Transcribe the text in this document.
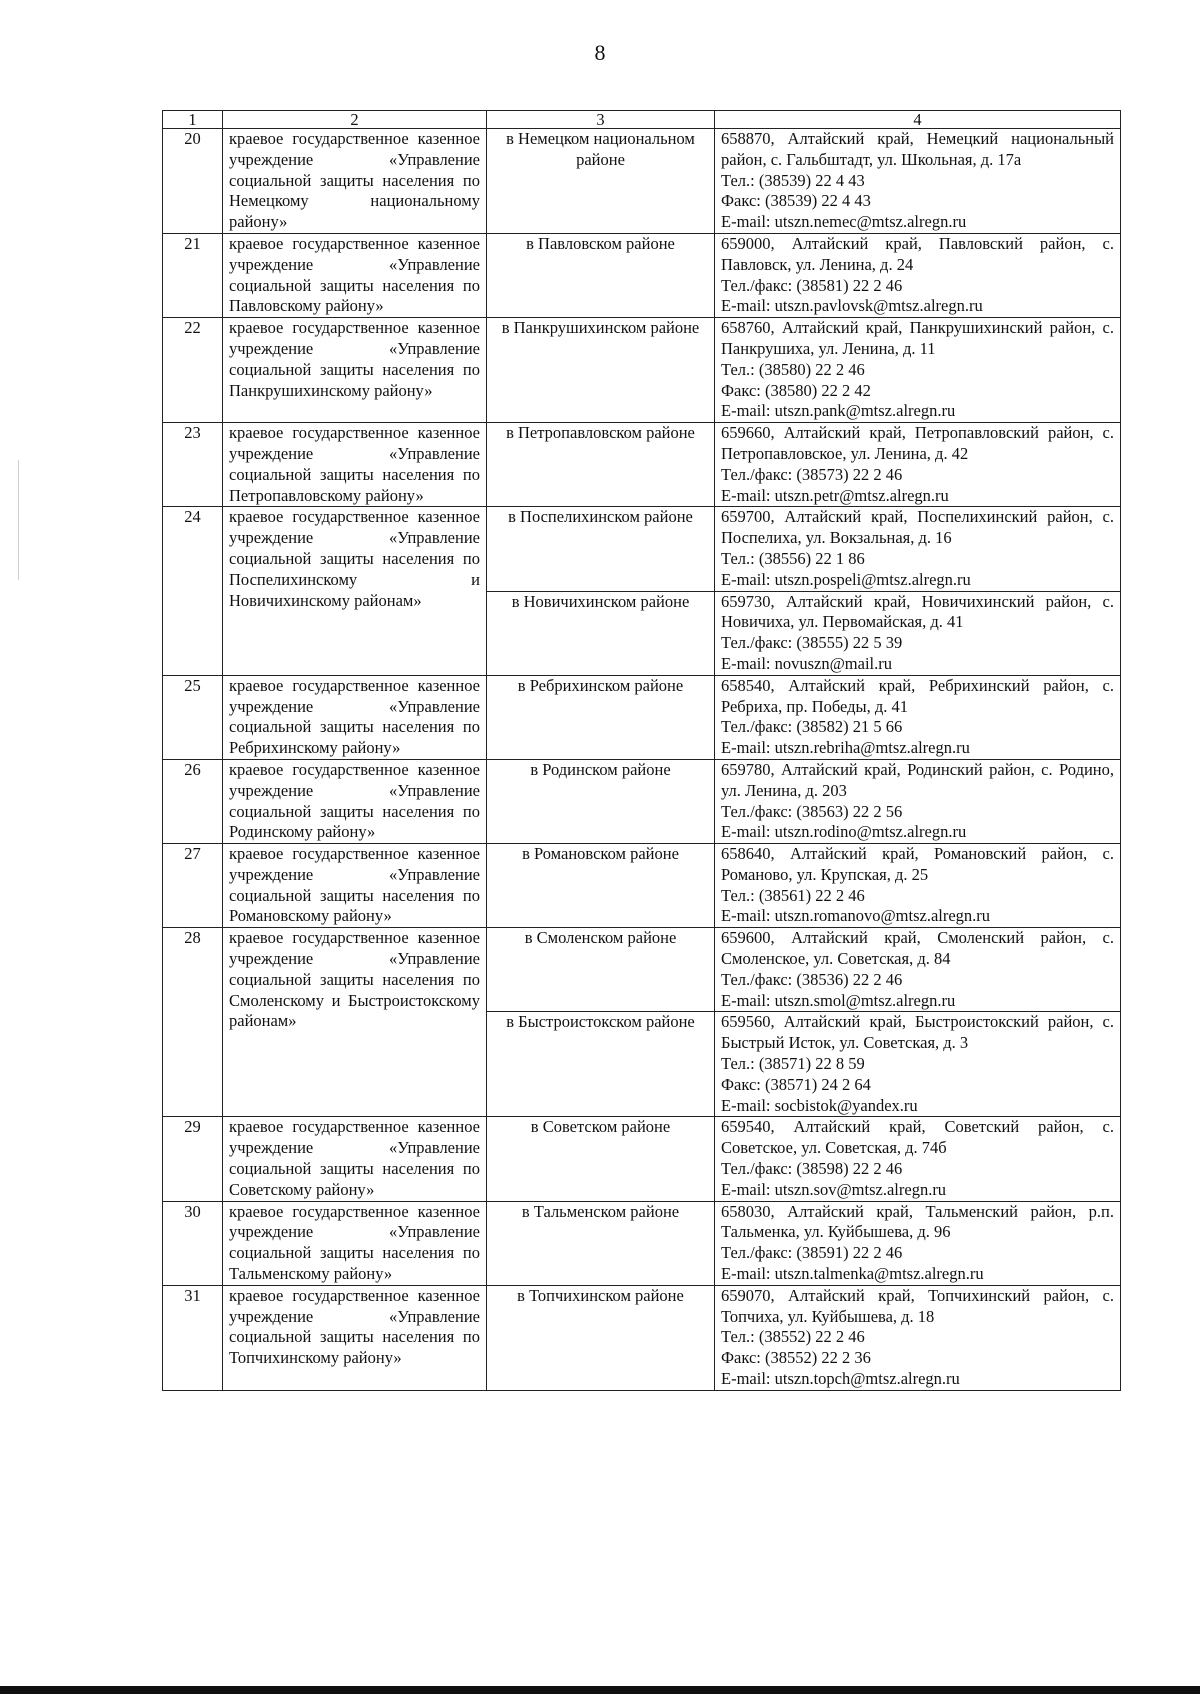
8
1	2	3	4
20	краевое государственное казенное учреждение «Управление социальной защиты населения по Немецкому национальному району»	в Немецком национальном районе	658870, Алтайский край, Немецкий национальный район, с. Гальбштадт, ул. Школьная, д. 17а
Тел.: (38539) 22 4 43
Факс: (38539) 22 4 43
E-mail: utszn.nemec@mtsz.alregn.ru

21	краевое государственное казенное учреждение «Управление социальной защиты населения по Павловскому району»	в Павловском районе	659000, Алтайский край, Павловский район, с. Павловск, ул. Ленина, д. 24
Тел./факс: (38581) 22 2 46
E-mail: utszn.pavlovsk@mtsz.alregn.ru

22	краевое государственное казенное учреждение «Управление социальной защиты населения по Панкрушихинскому району»	в Панкрушихинском районе	658760, Алтайский край, Панкрушихинский район, с. Панкрушиха, ул. Ленина, д. 11
Тел.: (38580) 22 2 46
Факс: (38580) 22 2 42
E-mail: utszn.pank@mtsz.alregn.ru

23	краевое государственное казенное учреждение «Управление социальной защиты населения по Петропавловскому району»	в Петропавловском районе	659660, Алтайский край, Петропавловский район, с. Петропавловское, ул. Ленина, д. 42
Тел./факс: (38573) 22 2 46
E-mail: utszn.petr@mtsz.alregn.ru

24	краевое государственное казенное учреждение «Управление социальной защиты населения по Поспелихинскому и Новичихинскому районам»	в Поспелихинском районе	659700, Алтайский край, Поспелихинский район, с. Поспелиха, ул. Вокзальная, д. 16
Тел.: (38556) 22 1 86
E-mail: utszn.pospeli@mtsz.alregn.ru

		в Новичихинском районе	659730, Алтайский край, Новичихинский район, с. Новичиха, ул. Первомайская, д. 41
Тел./факс: (38555) 22 5 39
E-mail: novuszn@mail.ru

25	краевое государственное казенное учреждение «Управление социальной защиты населения по Ребрихинскому району»	в Ребрихинском районе	658540, Алтайский край, Ребрихинский район, с. Ребриха, пр. Победы, д. 41
Тел./факс: (38582) 21 5 66
E-mail: utszn.rebriha@mtsz.alregn.ru

26	краевое государственное казенное учреждение «Управление социальной защиты населения по Родинскому району»	в Родинском районе	659780, Алтайский край, Родинский район, с. Родино, ул. Ленина, д. 203
Тел./факс: (38563) 22 2 56
E-mail: utszn.rodino@mtsz.alregn.ru

27	краевое государственное казенное учреждение «Управление социальной защиты населения по Романовскому району»	в Романовском районе	658640, Алтайский край, Романовский район, с. Романово, ул. Крупская, д. 25
Тел.: (38561) 22 2 46
E-mail: utszn.romanovo@mtsz.alregn.ru

28	краевое государственное казенное учреждение «Управление социальной защиты населения по Смоленскому и Быстроистокскому районам»	в Смоленском районе	659600, Алтайский край, Смоленский район, с. Смоленское, ул. Советская, д. 84
Тел./факс: (38536) 22 2 46
E-mail: utszn.smol@mtsz.alregn.ru

		в Быстроистокском районе	659560, Алтайский край, Быстроистокский район, с. Быстрый Исток, ул. Советская, д. 3
Тел.: (38571) 22 8 59
Факс: (38571) 24 2 64
E-mail: socbistok@yandex.ru

29	краевое государственное казенное учреждение «Управление социальной защиты населения по Советскому району»	в Советском районе	659540, Алтайский край, Советский район, с. Советское, ул. Советская, д. 74б
Тел./факс: (38598) 22 2 46
E-mail: utszn.sov@mtsz.alregn.ru

30	краевое государственное казенное учреждение «Управление социальной защиты населения по Тальменскому району»	в Тальменском районе	658030, Алтайский край, Тальменский район, р.п. Тальменка, ул. Куйбышева, д. 96
Тел./факс: (38591) 22 2 46
E-mail: utszn.talmenka@mtsz.alregn.ru

31	краевое государственное казенное учреждение «Управление социальной защиты населения по Топчихинскому району»	в Топчихинском районе	659070, Алтайский край, Топчихинский район, с. Топчиха, ул. Куйбышева, д. 18
Тел.: (38552) 22 2 46
Факс: (38552) 22 2 36
E-mail: utszn.topch@mtsz.alregn.ru
